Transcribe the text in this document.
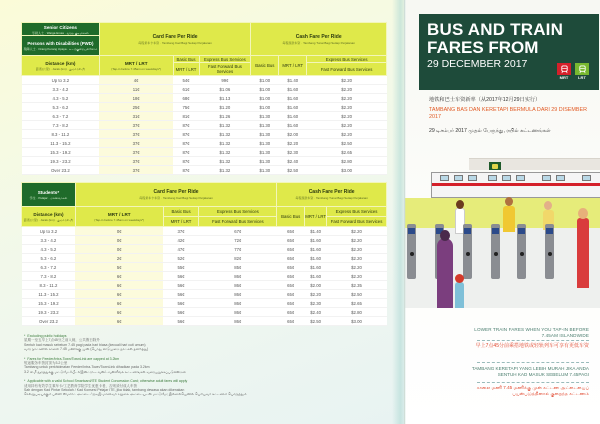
Senior Citizens
乐龄人士 · Warga Emas · மூத்த குடிமக்கள்	Card Fare Per Ride
每程乘车卡车资 · Tambang Kad Bagi Setiap Perjalanan			Cash Fare Per Ride
每程现款车资 · Tambang Tunai Bagi Setiap Perjalanan		

Persons with Disabilities (PWD)
残障人士 · Orang Kurang Upaya · உடற்குறையுள்ளோர்						

Distance (km)
距离(公里) · Jarak (km) · தூரம் (கி.மீ)	MRT / LRT
(Tap-in before 7.45am on weekdays*)	Basic Bus	Express Bus Services	Basic Bus	MRT / LRT	Express Bus Services
		MRT / LRT	Fast Forward Bus Services			Fast Forward Bus Services
Up to 3.2	4¢	54¢	99¢	$1.00	$1.40	$2.20
3.3 - 4.2	11¢	61¢	$1.06	$1.00	$1.60	$2.20
4.3 - 5.2	18¢	68¢	$1.13	$1.00	$1.60	$2.20
5.3 - 6.2	25¢	75¢	$1.20	$1.00	$1.60	$2.20
6.3 - 7.2	31¢	81¢	$1.26	$1.30	$1.60	$2.20
7.3 - 8.2	37¢	87¢	$1.32	$1.30	$1.60	$2.20
8.3 - 11.2	37¢	87¢	$1.32	$1.30	$2.00	$2.20
11.3 - 15.2	37¢	87¢	$1.32	$1.30	$2.20	$2.50
15.3 - 19.2	37¢	87¢	$1.32	$1.30	$2.30	$2.65
19.3 - 23.2	37¢	87¢	$1.32	$1.30	$2.40	$2.80
Over 23.2	37¢	87¢	$1.32	$1.30	$2.50	$3.00
Students*
学生 · Pelajar · மாணவர்கள்	Card Fare Per Ride
每程乘车卡车资 · Tambang Kad Bagi Setiap Perjalanan			Cash Fare Per Ride
每程现款车资 · Tambang Tunai Bagi Setiap Perjalanan		

Distance (km)
距离(公里) · Jarak (km) · தூரம் (கி.மீ)	MRT / LRT
(Tap-in before 7.45am on weekdays*)	Basic Bus	Express Bus Services	Basic Bus	MRT / LRT	Express Bus Services
		MRT / LRT	Fast Forward Bus Services			Fast Forward Bus Services
Up to 3.2	0¢	37¢	67¢	65¢	$1.40	$2.20
3.3 - 4.2	0¢	42¢	72¢	65¢	$1.60	$2.20
4.3 - 5.2	0¢	47¢	77¢	65¢	$1.60	$2.20
5.3 - 6.2	2¢	52¢	82¢	65¢	$1.60	$2.20
6.3 - 7.2	5¢	55¢	85¢	65¢	$1.60	$2.20
7.3 - 8.2	6¢	56¢	86¢	65¢	$1.60	$2.20
8.3 - 11.2	6¢	56¢	86¢	65¢	$2.00	$2.35
11.3 - 15.2	6¢	56¢	86¢	65¢	$2.20	$2.50
15.3 - 19.2	6¢	56¢	86¢	65¢	$2.30	$2.65
19.3 - 23.2	6¢	56¢	86¢	65¢	$2.40	$2.80
Over 23.2	6¢	56¢	86¢	65¢	$2.50	$3.00
* Excluding public holidays
星期一至五早上7点45分之前入闸，公共假日除外
Sentuh kad masuk sebelum 7.45 pagi pada hari biasa (kecuali hari cuti umum)
வார நாட்களில் காலை 7.45 மணிக்கு முன் (பொது விடுமுறை நாட்கள் தவிர்த்து)
* Fares for Feeder/Intra-Town/TownLink are capped at 3.2km
短途服务车资封顶为3.2公里
Tambang untuk perkhidmatan Feeder/Intra-Town/TownLink dihadkan pada 3.2km
3.2 கி.மீ தூரத்துக்கு மட்டுமே ஃபீடர்/இன்ட்ரா-டவுன்/டவுன்லிங்க் கட்டணங்கள் வரையறுக்கப்படுகின்றன
* Applicable with a valid School Smartcard/ITE Student Concession Card; otherwise adult fares will apply
适用持有有效学生乘车卡/工艺教育学院学生优惠卡者，否则须付成人车资
Sah dengan Kad Pintar Sekolah / Kad Konsesi Pelajar ITE, jika tidak, tambang dewasa akan dikenakan
செல்லுபடியாகும் பள்ளி ஸ்மார்ட் அட்டை / ஐடிஇ மாணவர் சலுகை அட்டையுடன் மட்டுமே; இல்லையெனில் பெரியவர் கட்டணம் பொருந்தும்
BUS AND TRAIN
FARES FROM
29 DECEMBER 2017
MRT	LRT
地铁和巴士车资新率（从2017年12月29日实行）
TAMBANG BAS DAN KERETAPI BERMULA DARI 29 DISEMBER 2017
29 டிசம்பர் 2017 முதல் பேருந்து, ரயில் கட்டணங்கள்
LOWER TRAIN FARES WHEN YOU TAP-IN BEFORE 7.45AM ISLANDWIDE
早上7点45分前乘搭地铁或轻轨列车可享有更低车资
TAMBANG KERETAPI YANG LEBIH MURAH JIKA ANDA SENTUH KAD MASUK SEBELUM 7.45PAGI
காலை மணி 7.45 மணிக்கு முன் கட்டண அட்டையைப் பயன்படுத்தினால் குறைந்த கட்டணம்
